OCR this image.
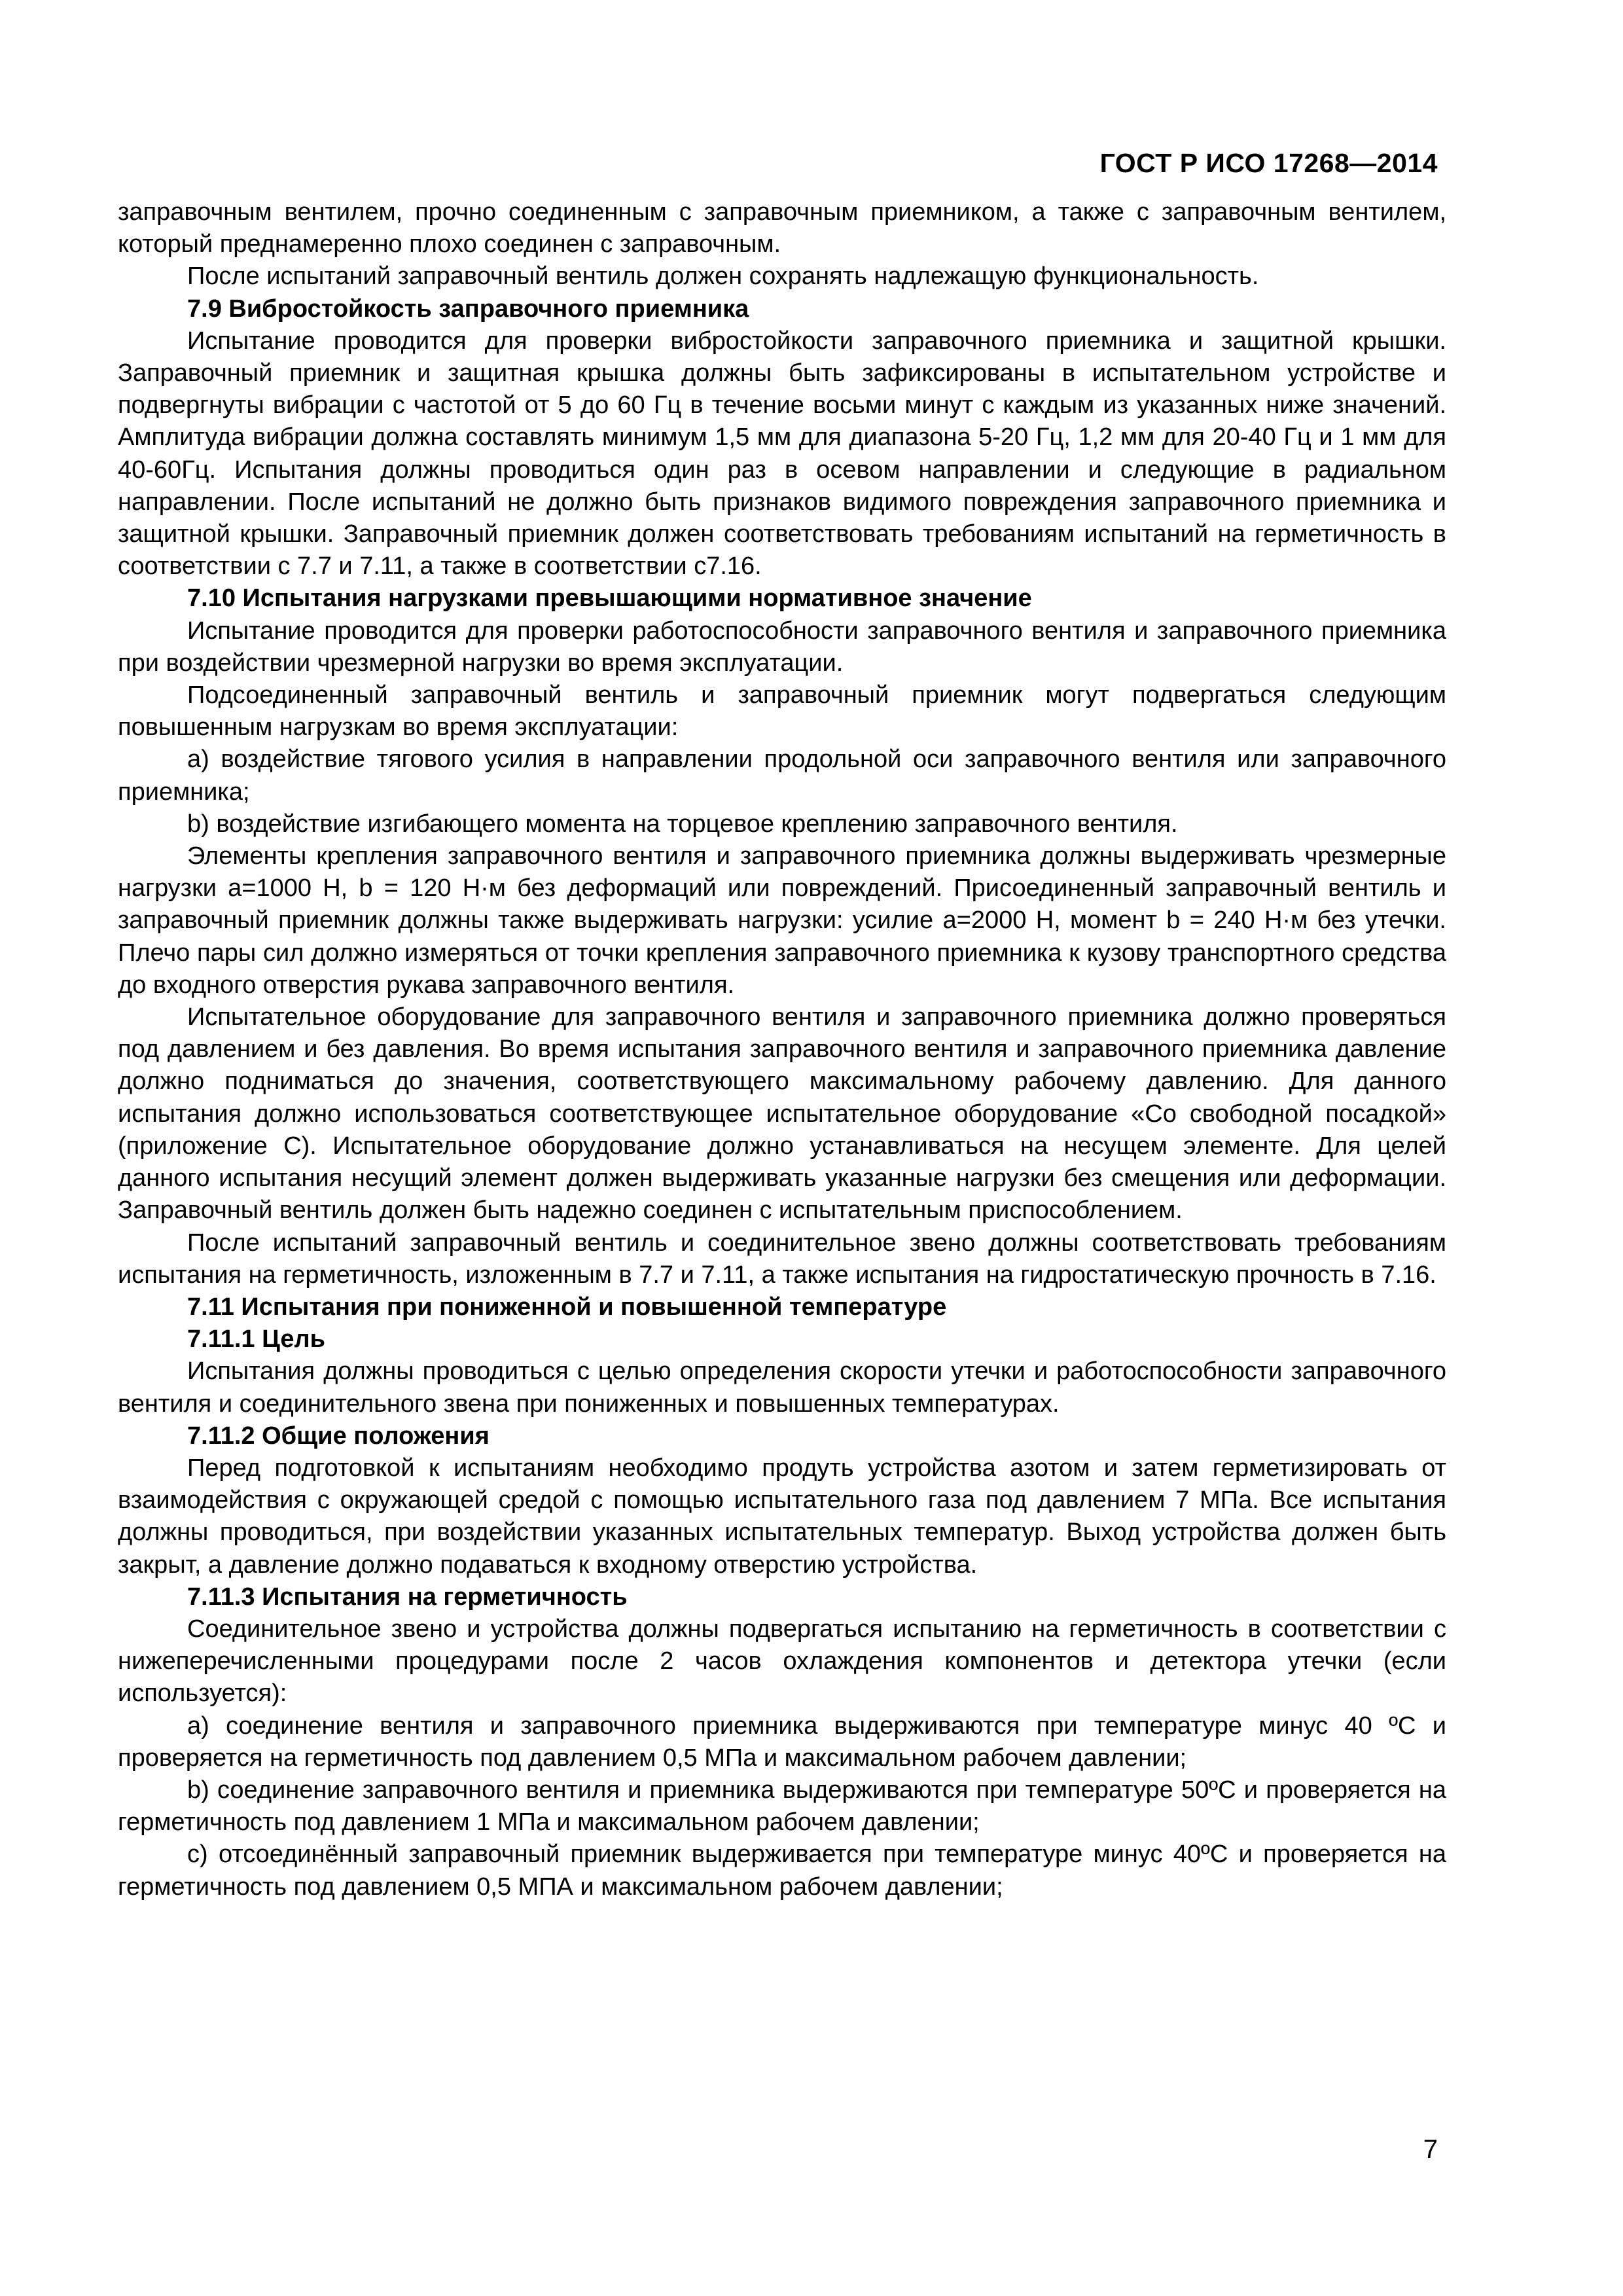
ГОСТ Р ИСО 17268—2014

заправочным вентилем, прочно соединенным с заправочным приемником, а также с заправочным вентилем, который преднамеренно плохо соединен с заправочным.

После испытаний заправочный вентиль должен сохранять надлежащую функциональность.

7.9 Вибростойкость заправочного приемника

Испытание проводится для проверки вибростойкости заправочного приемника и защитной крышки. Заправочный приемник и защитная крышка должны быть зафиксированы в испытательном устройстве и подвергнуты вибрации с частотой от 5 до 60 Гц в течение восьми минут с каждым из указанных ниже значений. Амплитуда вибрации должна составлять минимум 1,5 мм для диапазона 5-20 Гц, 1,2 мм для 20-40 Гц и 1 мм для 40-60Гц. Испытания должны проводиться один раз в осевом направлении и следующие в радиальном направлении. После испытаний не должно быть признаков видимого повреждения заправочного приемника и защитной крышки. Заправочный приемник должен соответствовать требованиям испытаний на герметичность в соответствии с 7.7 и 7.11, а также в соответствии с7.16.

7.10 Испытания нагрузками превышающими нормативное значение

Испытание проводится для проверки работоспособности заправочного вентиля и заправочного приемника при воздействии чрезмерной нагрузки во время эксплуатации.

Подсоединенный заправочный вентиль и заправочный приемник могут подвергаться следующим повышенным нагрузкам во время эксплуатации:

a) воздействие тягового усилия в направлении продольной оси заправочного вентиля или заправочного приемника;

b) воздействие изгибающего момента на торцевое креплению заправочного вентиля.

Элементы крепления заправочного вентиля и заправочного приемника должны выдерживать чрезмерные нагрузки a=1000 Н, b = 120 Н·м без деформаций или повреждений. Присоединенный заправочный вентиль и заправочный приемник должны также выдерживать нагрузки: усилие а=2000 Н, момент b = 240 Н·м без утечки. Плечо пары сил должно измеряться от точки крепления заправочного приемника к кузову транспортного средства до входного отверстия рукава заправочного вентиля.

Испытательное оборудование для заправочного вентиля и заправочного приемника должно проверяться под давлением и без давления. Во время испытания заправочного вентиля и заправочного приемника давление должно подниматься до значения, соответствующего максимальному рабочему давлению. Для данного испытания должно использоваться соответствующее испытательное оборудование «Со свободной посадкой» (приложение С). Испытательное оборудование должно устанавливаться на несущем элементе. Для целей данного испытания несущий элемент должен выдерживать указанные нагрузки без смещения или деформации. Заправочный вентиль должен быть надежно соединен с испытательным приспособлением.

После испытаний заправочный вентиль и соединительное звено должны соответствовать требованиям испытания на герметичность, изложенным в 7.7 и 7.11, а также испытания на гидростатическую прочность в 7.16.

7.11 Испытания при пониженной и повышенной температуре
7.11.1 Цель

Испытания должны проводиться с целью определения скорости утечки и работоспособности заправочного вентиля и соединительного звена при пониженных и повышенных температурах.

7.11.2 Общие положения

Перед подготовкой к испытаниям необходимо продуть устройства азотом и затем герметизировать от взаимодействия с окружающей средой с помощью испытательного газа под давлением 7 МПа. Все испытания должны проводиться, при воздействии указанных испытательных температур. Выход устройства должен быть закрыт, а давление должно подаваться к входному отверстию устройства.

7.11.3 Испытания на герметичность

Соединительное звено и устройства должны подвергаться испытанию на герметичность в соответствии с нижеперечисленными процедурами после 2 часов охлаждения компонентов и детектора утечки (если используется):

a) соединение вентиля и заправочного приемника выдерживаются при температуре минус 40 ºС и проверяется на герметичность под давлением 0,5 МПа и максимальном рабочем давлении;

b) соединение заправочного вентиля и приемника выдерживаются при температуре 50ºС и проверяется на герметичность под давлением 1 МПа и максимальном рабочем давлении;

c) отсоединённый заправочный приемник выдерживается при температуре минус 40ºС и проверяется на герметичность под давлением 0,5 МПА и максимальном рабочем давлении;

7
